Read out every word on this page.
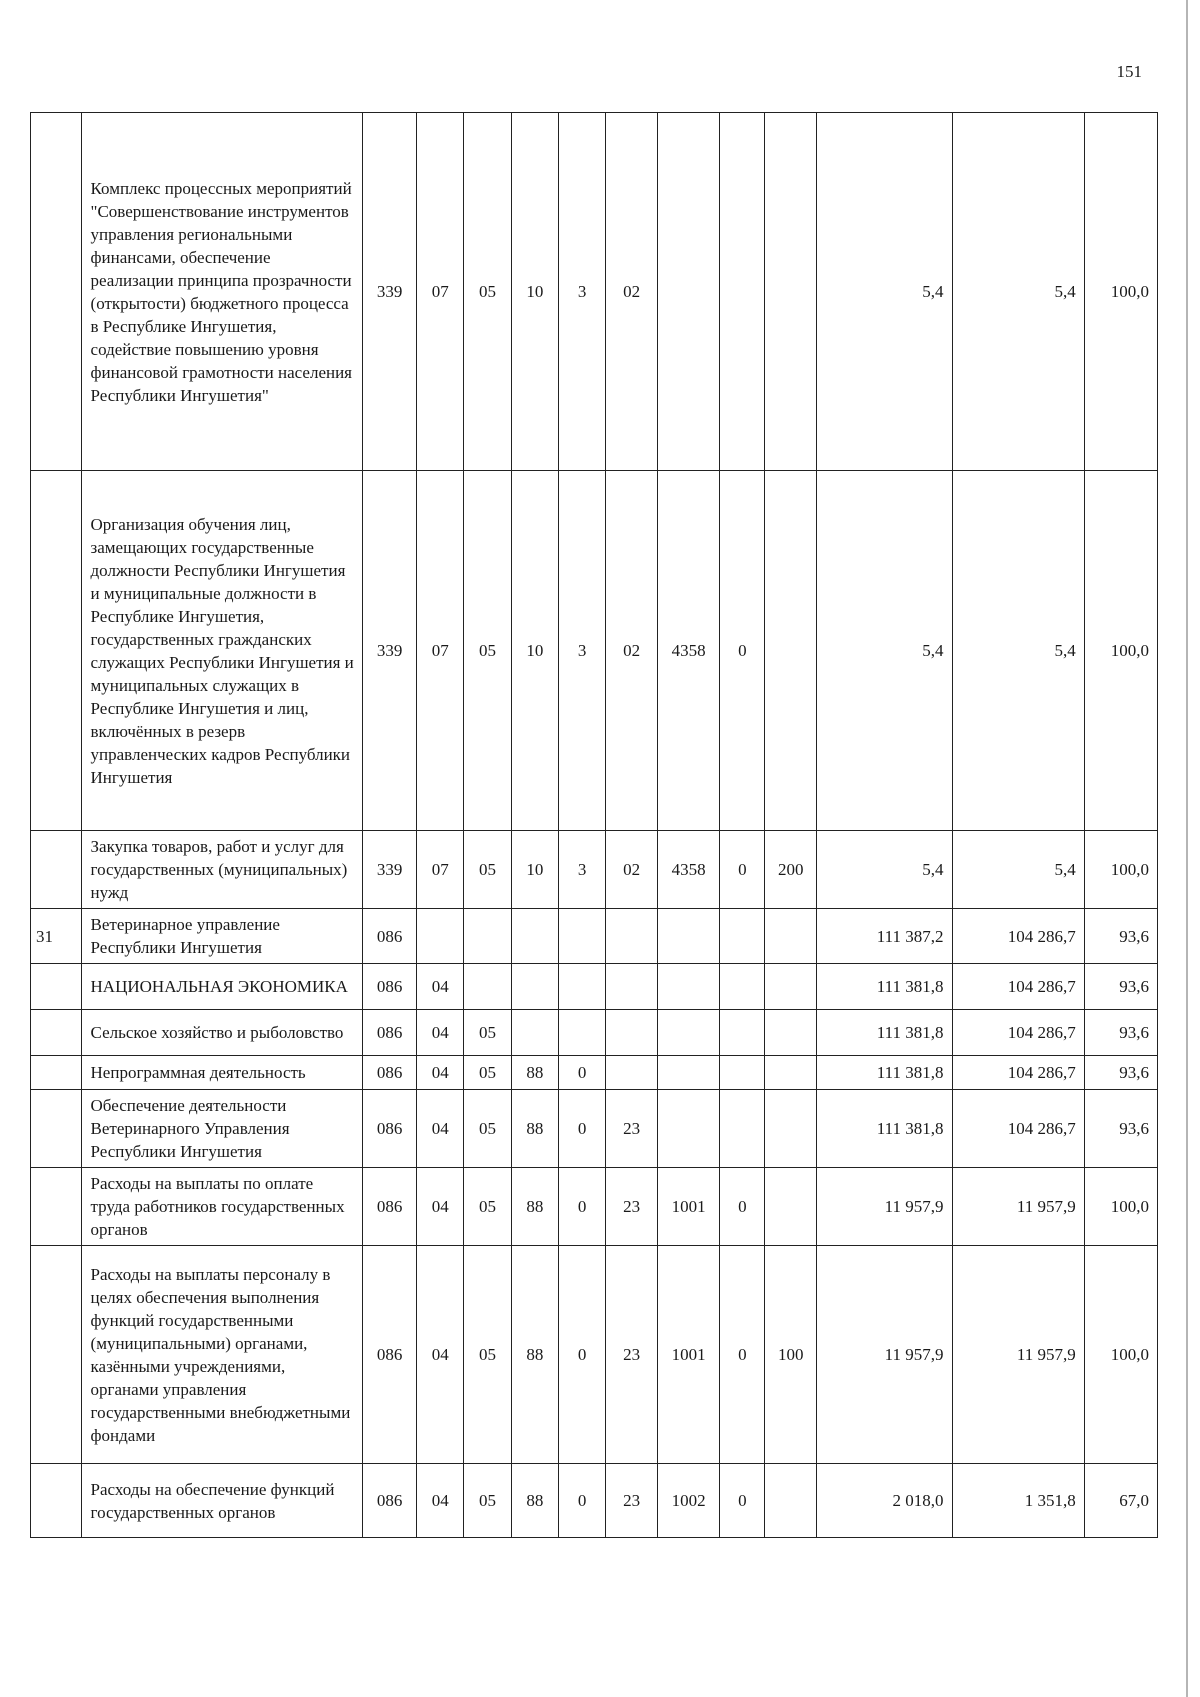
151
	Комплекс процессных мероприятий "Совершенствование инструментов управления региональными финансами, обеспечение реализации принципа прозрачности (открытости) бюджетного процесса в Республике Ингушетия, содействие повышению уровня финансовой грамотности населения Республики Ингушетия"	339	07	05	10	3	02				5,4	5,4	100,0
	Организация обучения лиц, замещающих государственные должности Республики Ингушетия и муниципальные должности в Республике Ингушетия, государственных гражданских служащих Республики Ингушетия и муниципальных служащих в Республике Ингушетия и лиц, включённых в резерв управленческих кадров Республики Ингушетия	339	07	05	10	3	02	4358	0		5,4	5,4	100,0
	Закупка товаров, работ и услуг для государственных (муниципальных) нужд	339	07	05	10	3	02	4358	0	200	5,4	5,4	100,0
31	Ветеринарное управление Республики Ингушетия	086									111 387,2	104 286,7	93,6
	НАЦИОНАЛЬНАЯ ЭКОНОМИКА	086	04								111 381,8	104 286,7	93,6
	Сельское хозяйство и рыболовство	086	04	05							111 381,8	104 286,7	93,6
	Непрограммная деятельность	086	04	05	88	0					111 381,8	104 286,7	93,6
	Обеспечение деятельности Ветеринарного Управления Республики Ингушетия	086	04	05	88	0	23				111 381,8	104 286,7	93,6
	Расходы на выплаты по оплате труда работников государственных органов	086	04	05	88	0	23	1001	0		11 957,9	11 957,9	100,0
	Расходы на выплаты персоналу в целях обеспечения выполнения функций государственными (муниципальными) органами, казёнными учреждениями, органами управления государственными внебюджетными фондами	086	04	05	88	0	23	1001	0	100	11 957,9	11 957,9	100,0
	Расходы на обеспечение функций государственных органов	086	04	05	88	0	23	1002	0		2 018,0	1 351,8	67,0
